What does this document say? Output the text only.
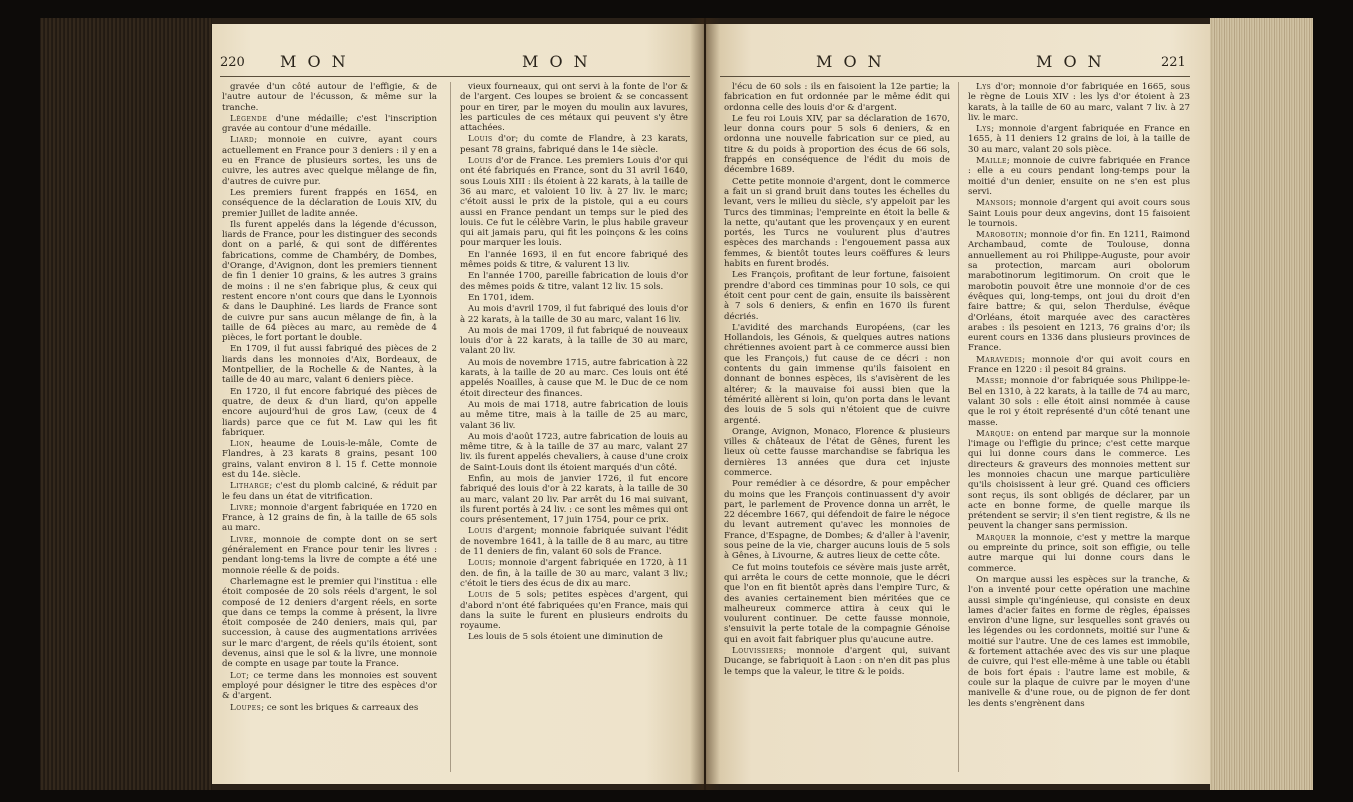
220 M O N	M O N

gravée d'un côté autour de l'effigie, & de l'autre autour de l'écusson, & même sur la tranche.

Légende d'une médaille; c'est l'inscription gravée au contour d'une médaille.

Liard; monnoie en cuivre, ayant cours actuellement en France pour 3 deniers : il y en a eu en France de plusieurs sortes, les uns de cuivre, les autres avec quelque mêlange de fin, d'autres de cuivre pur.

Les premiers furent frappés en 1654, en conséquence de la déclaration de Louis XIV, du premier Juillet de ladite année.

Ils furent appelés dans la légende d'écusson, liards de France, pour les distinguer des seconds dont on a parlé, & qui sont de différentes fabrications, comme de Chambéry, de Dombes, d'Orange, d'Avignon, dont les premiers tiennent de fin 1 denier 10 grains, & les autres 3 grains de moins : il ne s'en fabrique plus, & ceux qui restent encore n'ont cours que dans le Lyonnois & dans le Dauphiné. Les liards de France sont de cuivre pur sans aucun mêlange de fin, à la taille de 64 pièces au marc, au remède de 4 pièces, le fort portant le double.

En 1709, il fut aussi fabriqué des pièces de 2 liards dans les monnoies d'Aix, Bordeaux, de Montpellier, de la Rochelle & de Nantes, à la taille de 40 au marc, valant 6 deniers pièce.

En 1720, il fut encore fabriqué des pièces de quatre, de deux & d'un liard, qu'on appelle encore aujourd'hui de gros Law, (ceux de 4 liards) parce que ce fut M. Law qui les fit fabriquer.

Lion, heaume de Louis-le-mâle, Comte de Flandres, à 23 karats 8 grains, pesant 100 grains, valant environ 8 l. 15 f. Cette monnoie est du 14e. siècle.

Litharge; c'est du plomb calciné, & réduit par le feu dans un état de vitrification.

Livre; monnoie d'argent fabriquée en 1720 en France, à 12 grains de fin, à la taille de 65 sols au marc.

Livre, monnoie de compte dont on se sert généralement en France pour tenir les livres : pendant long-tems la livre de compte a été une monnoie réelle & de poids.

Charlemagne est le premier qui l'institua : elle étoit composée de 20 sols réels d'argent, le sol composé de 12 deniers d'argent réels, en sorte que dans ce temps la comme à présent, la livre étoit composée de 240 deniers, mais qui, par succession, à cause des augmentations arrivées sur le marc d'argent, de réels qu'ils étoient, sont devenus, ainsi que le sol & la livre, une monnoie de compte en usage par toute la France.

Lot; ce terme dans les monnoies est souvent employé pour désigner le titre des espèces d'or & d'argent.

Loupes; ce sont les briques & carreaux des

vieux fourneaux, qui ont servi à la fonte de l'or & de l'argent. Ces loupes se broient & se concassent pour en tirer, par le moyen du moulin aux lavures, les particules de ces métaux qui peuvent s'y être attachées.

Louis d'or; du comte de Flandre, à 23 karats, pesant 78 grains, fabriqué dans le 14e siècle.

Louis d'or de France. Les premiers Louis d'or qui ont été fabriqués en France, sont du 31 avril 1640, sous Louis XIII : ils étoient à 22 karats, à la taille de 36 au marc, et valoient 10 liv. à 27 liv. le marc; c'étoit aussi le prix de la pistole, qui a eu cours aussi en France pendant un temps sur le pied des louis. Ce fut le célèbre Varin, le plus habile graveur qui ait jamais paru, qui fit les poinçons & les coins pour marquer les louis.

En l'année 1693, il en fut encore fabriqué des mêmes poids & titre, & valurent 13 liv.

En l'année 1700, pareille fabrication de louis d'or des mêmes poids & titre, valant 12 liv. 15 sols.

En 1701, idem.

Au mois d'avril 1709, il fut fabriqué des louis d'or à 22 karats, à la taille de 30 au marc, valant 16 liv.

Au mois de mai 1709, il fut fabriqué de nouveaux louis d'or à 22 karats, à la taille de 30 au marc, valant 20 liv.

Au mois de novembre 1715, autre fabrication à 22 karats, à la taille de 20 au marc. Ces louis ont été appelés Noailles, à cause que M. le Duc de ce nom étoit directeur des finances.

Au mois de mai 1718, autre fabrication de louis au même titre, mais à la taille de 25 au marc, valant 36 liv.

Au mois d'août 1723, autre fabrication de louis au même titre, & à la taille de 37 au marc, valant 27 liv. ils furent appelés chevaliers, à cause d'une croix de Saint-Louis dont ils étoient marqués d'un côté.

Enfin, au mois de janvier 1726, il fut encore fabriqué des louis d'or à 22 karats, à la taille de 30 au marc, valant 20 liv. Par arrêt du 16 mai suivant, ils furent portés à 24 liv. : ce sont les mêmes qui ont cours présentement, 17 juin 1754, pour ce prix.

Louis d'argent; monnoie fabriquée suivant l'édit de novembre 1641, à la taille de 8 au marc, au titre de 11 deniers de fin, valant 60 sols de France.

Louis; monnoie d'argent fabriquée en 1720, à 11 den. de fin, à la taille de 30 au marc, valant 3 liv.; c'étoit le tiers des écus de dix au marc.

Louis de 5 sols; petites espèces d'argent, qui d'abord n'ont été fabriquées qu'en France, mais qui dans la suite le furent en plusieurs endroits du royaume.

Les louis de 5 sols étoient une diminution de

M O N	M O N	221

l'écu de 60 sols : ils en faisoient la 12e partie; la fabrication en fut ordonnée par le même édit qui ordonna celle des louis d'or & d'argent.

Le feu roi Louis XIV, par sa déclaration de 1670, leur donna cours pour 5 sols 6 deniers, & en ordonna une nouvelle fabrication sur ce pied, au titre & du poids à proportion des écus de 66 sols, frappés en conséquence de l'édit du mois de décembre 1689.

Cette petite monnoie d'argent, dont le commerce a fait un si grand bruit dans toutes les échelles du levant, vers le milieu du siècle, s'y appeloit par les Turcs des timminas; l'empreinte en étoit la belle & la nette, qu'autant que les provençaux y en eurent portés, les Turcs ne voulurent plus d'autres espèces des marchands : l'engouement passa aux femmes, & bientôt toutes leurs coëffures & leurs habits en furent brodés.

Les François, profitant de leur fortune, faisoient prendre d'abord ces timminas pour 10 sols, ce qui étoit cent pour cent de gain, ensuite ils baissèrent à 7 sols 6 deniers, & enfin en 1670 ils furent décriés.

L'avidité des marchands Européens, (car les Hollandois, les Génois, & quelques autres nations chrétiennes avoient part à ce commerce aussi bien que les François,) fut cause de ce décri : non contents du gain immense qu'ils faisoient en donnant de bonnes espèces, ils s'avisèrent de les altérer; & la mauvaise foi aussi bien que la témérité allèrent si loin, qu'on porta dans le levant des louis de 5 sols qui n'étoient que de cuivre argenté.

Orange, Avignon, Monaco, Florence & plusieurs villes & châteaux de l'état de Gênes, furent les lieux où cette fausse marchandise se fabriqua les dernières 13 années que dura cet injuste commerce.

Pour remédier à ce désordre, & pour empêcher du moins que les François continuassent d'y avoir part, le parlement de Provence donna un arrêt, le 22 décembre 1667, qui défendoit de faire le négoce du levant autrement qu'avec les monnoies de France, d'Espagne, de Dombes; & d'aller à l'avenir, sous peine de la vie, charger aucuns louis de 5 sols à Gênes, à Livourne, & autres lieux de cette côte.

Ce fut moins toutefois ce sévère mais juste arrêt, qui arrêta le cours de cette monnoie, que le décri que l'on en fit bientôt après dans l'empire Turc, & des avanies certainement bien méritées que ce malheureux commerce attira à ceux qui le voulurent continuer. De cette fausse monnoie, s'ensuivit la perte totale de la compagnie Génoise qui en avoit fait fabriquer plus qu'aucune autre.

Louvissiers; monnoie d'argent qui, suivant Ducange, se fabriquoit à Laon : on n'en dit pas plus le temps que la valeur, le titre & le poids.

Lys d'or; monnoie d'or fabriquée en 1665, sous le règne de Louis XIV : les lys d'or étoient à 23 karats, à la taille de 60 au marc, valant 7 liv. à 27 liv. le marc.

Lys; monnoie d'argent fabriquée en France en 1655, à 11 deniers 12 grains de loi, à la taille de 30 au marc, valant 20 sols pièce.

Maille; monnoie de cuivre fabriquée en France : elle a eu cours pendant long-temps pour la moitié d'un denier, ensuite on ne s'en est plus servi.

Mansois; monnoie d'argent qui avoit cours sous Saint Louis pour deux angevins, dont 15 faisoient le tournois.

Marobotin; monnoie d'or fin. En 1211, Raimond Archambaud, comte de Toulouse, donna annuellement au roi Philippe-Auguste, pour avoir sa protection, marcam auri obolorum marabotinorum legitimorum. On croit que le marobotin pouvoit être une monnoie d'or de ces évêques qui, long-temps, ont joui du droit d'en faire battre; & qui, selon Therdulse, évêque d'Orléans, étoit marquée avec des caractères arabes : ils pesoient en 1213, 76 grains d'or; ils eurent cours en 1336 dans plusieurs provinces de France.

Maravedis; monnoie d'or qui avoit cours en France en 1220 : il pesoit 84 grains.

Masse; monnoie d'or fabriquée sous Philippe-le-Bel en 1310, à 22 karats, à la taille de 74 au marc, valant 30 sols : elle étoit ainsi nommée à cause que le roi y étoit représenté d'un côté tenant une masse.

Marque: on entend par marque sur la monnoie l'image ou l'effigie du prince; c'est cette marque qui lui donne cours dans le commerce. Les directeurs & graveurs des monnoies mettent sur les monnoies chacun une marque particulière qu'ils choisissent à leur gré. Quand ces officiers sont reçus, ils sont obligés de déclarer, par un acte en bonne forme, de quelle marque ils prétendent se servir; il s'en tient registre, & ils ne peuvent la changer sans permission.

Marquer la monnoie, c'est y mettre la marque ou empreinte du prince, soit son effigie, ou telle autre marque qui lui donne cours dans le commerce.

On marque aussi les espèces sur la tranche, & l'on a inventé pour cette opération une machine aussi simple qu'ingénieuse, qui consiste en deux lames d'acier faites en forme de règles, épaisses environ d'une ligne, sur lesquelles sont gravés ou les légendes ou les cordonnets, moitié sur l'une & moitié sur l'autre. Une de ces lames est immobile, & fortement attachée avec des vis sur une plaque de cuivre, qui l'est elle-même à une table ou établi de bois fort épais : l'autre lame est mobile, & coule sur la plaque de cuivre par le moyen d'une manivelle & d'une roue, ou de pignon de fer dont les dents s'engrènent dans
